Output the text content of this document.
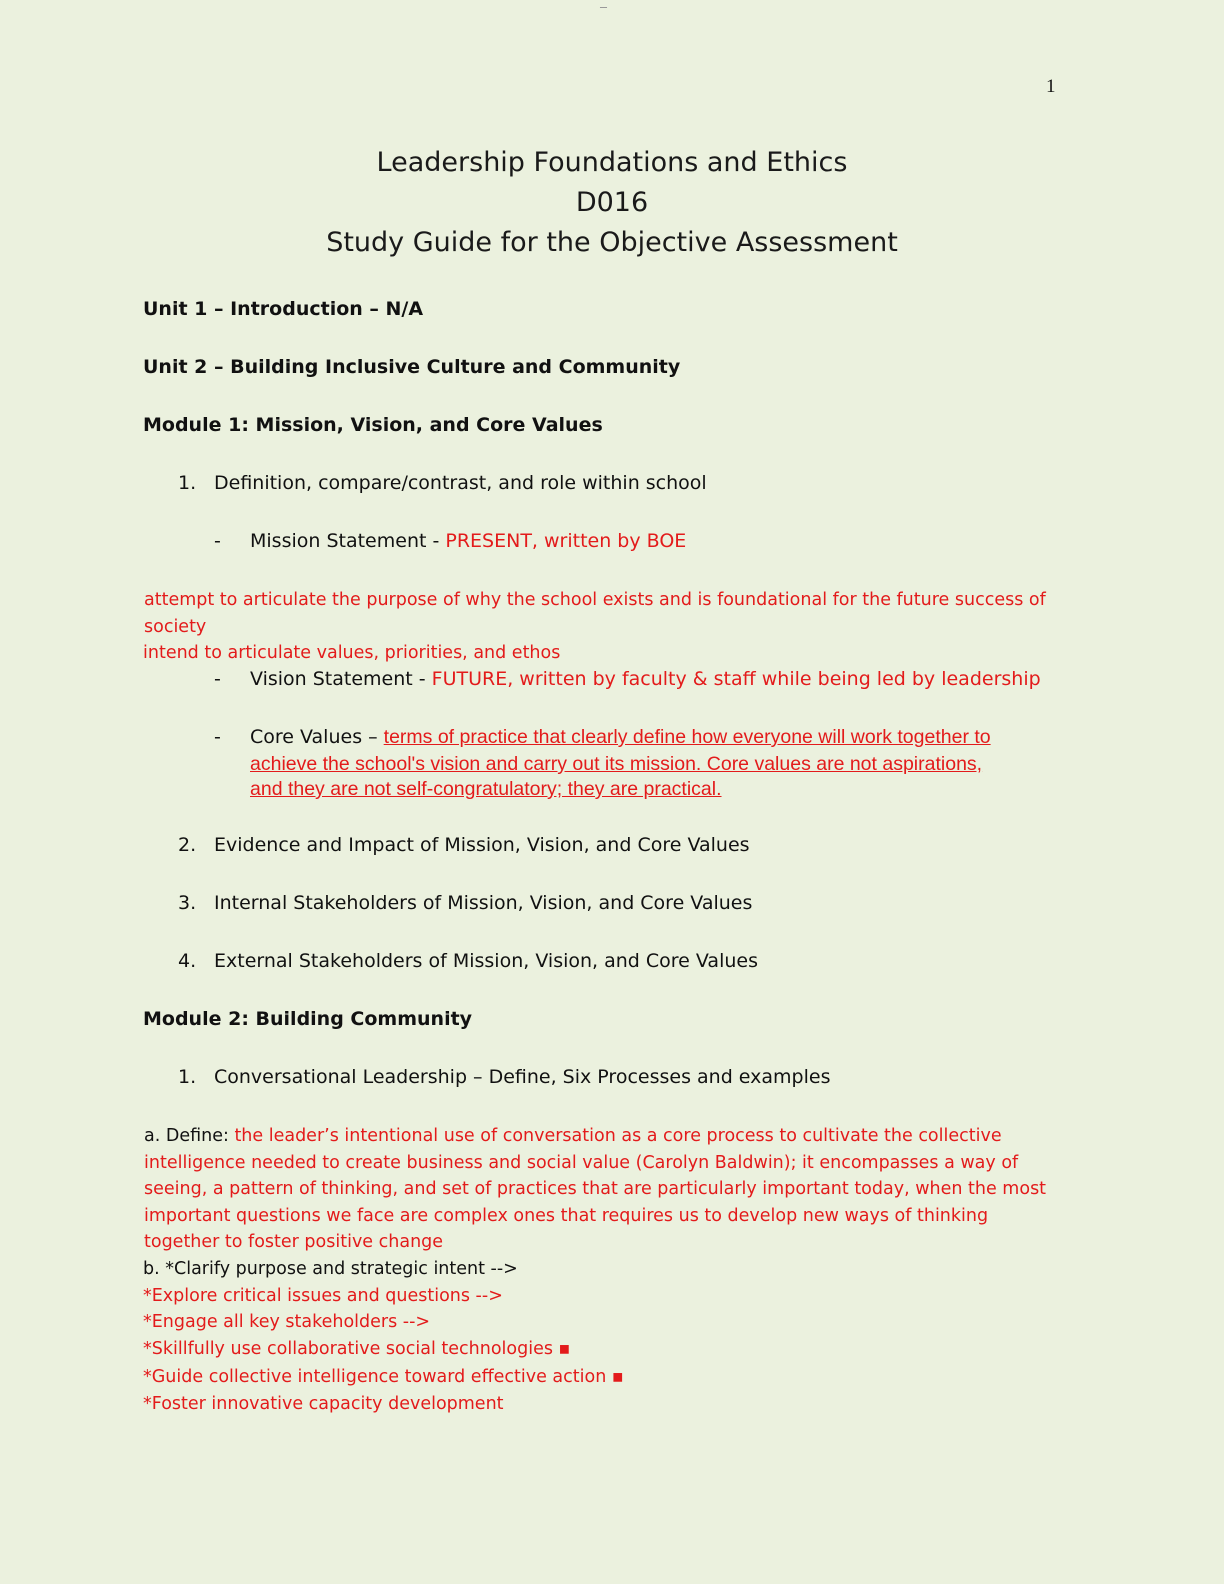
__
1
Leadership Foundations and Ethics
D016
Study Guide for the Objective Assessment
Unit 1 – Introduction – N/A
Unit 2 – Building Inclusive Culture and Community
Module 1: Mission, Vision, and Core Values
1. Definition, compare/contrast, and role within school
- Mission Statement - PRESENT, written by BOE
attempt to articulate the purpose of why the school exists and is foundational for the future success of society
intend to articulate values, priorities, and ethos
- Vision Statement - FUTURE, written by faculty & staff while being led by leadership
- Core Values – terms of practice that clearly define how everyone will work together to
achieve the school's vision and carry out its mission. Core values are not aspirations,
and they are not self-congratulatory; they are practical.
2. Evidence and Impact of Mission, Vision, and Core Values
3. Internal Stakeholders of Mission, Vision, and Core Values
4. External Stakeholders of Mission, Vision, and Core Values
Module 2: Building Community
1. Conversational Leadership – Define, Six Processes and examples
a. Define: the leader’s intentional use of conversation as a core process to cultivate the collective intelligence needed to create business and social value (Carolyn Baldwin); it encompasses a way of seeing, a pattern of thinking, and set of practices that are particularly important today, when the most important questions we face are complex ones that requires us to develop new ways of thinking together to foster positive change
b. *Clarify purpose and strategic intent -->
*Explore critical issues and questions -->
*Engage all key stakeholders -->
*Skillfully use collaborative social technologies ▪
*Guide collective intelligence toward effective action ▪
*Foster innovative capacity development
